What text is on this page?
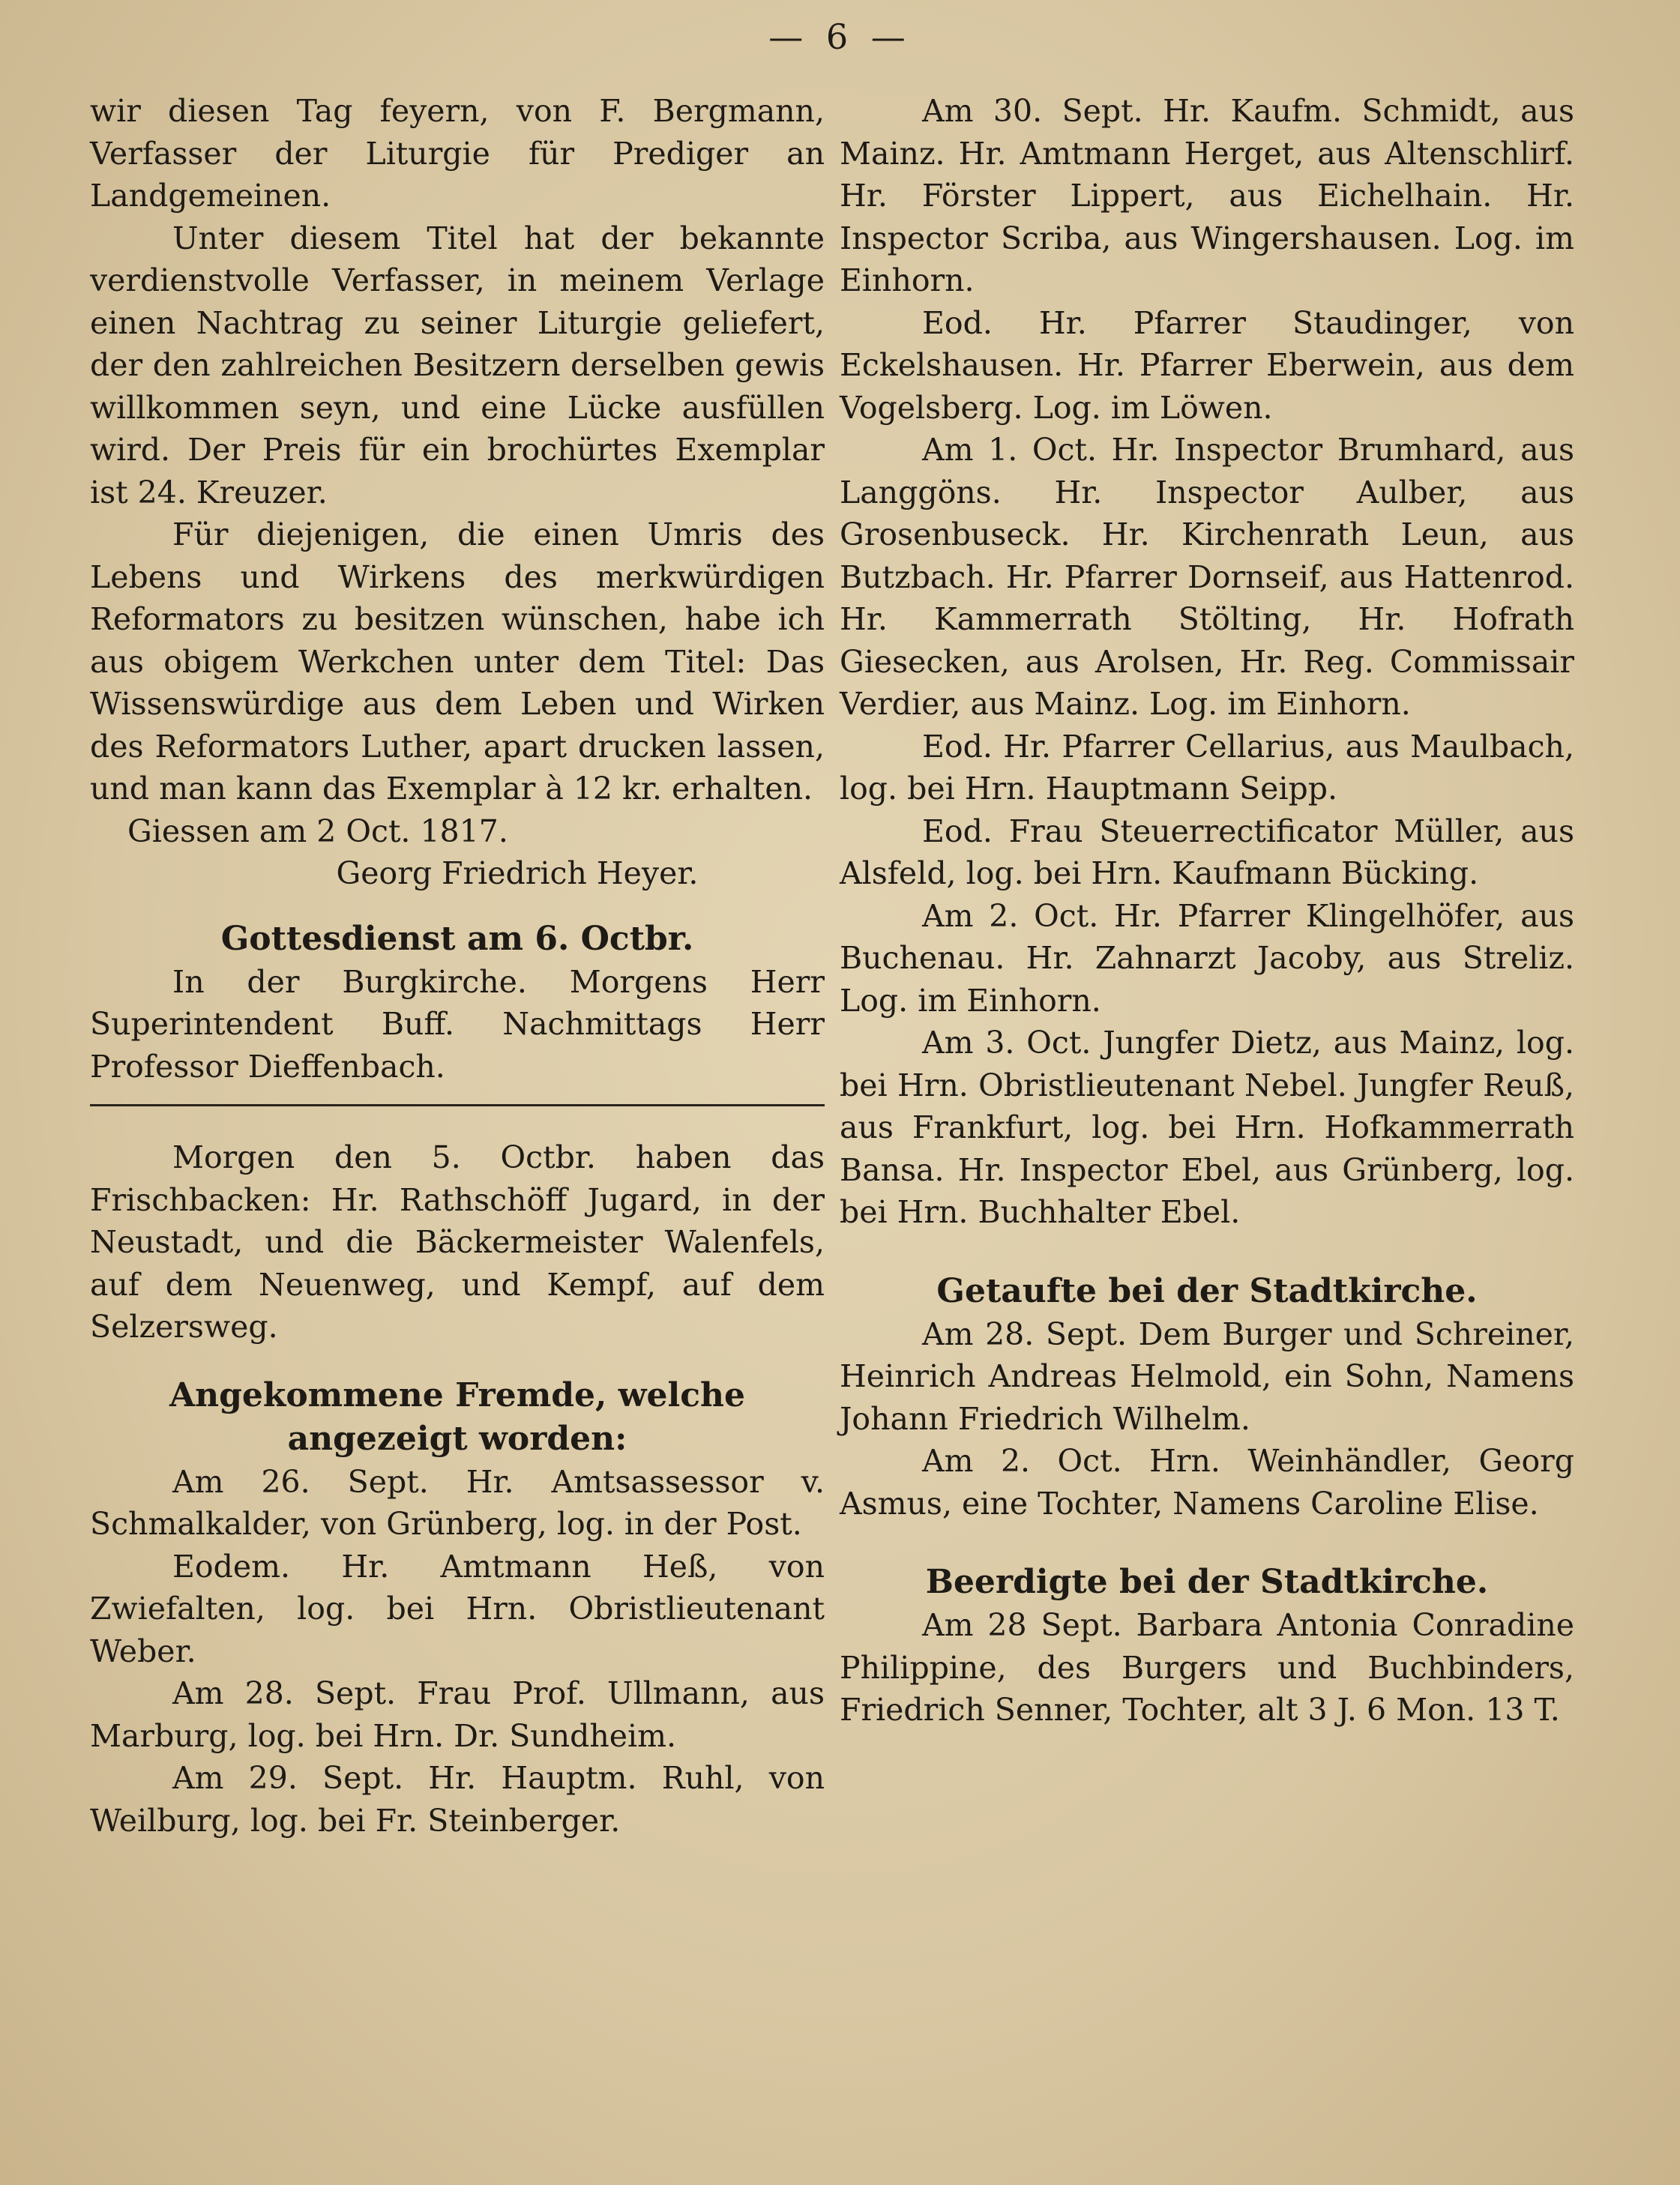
— 6 —

wir diesen Tag feyern, von F. Bergmann, Verfasser der Liturgie für Prediger an Landgemeinen.

Unter diesem Titel hat der bekannte verdienstvolle Verfasser, in meinem Verlage einen Nachtrag zu seiner Liturgie geliefert, der den zahlreichen Besitzern derselben gewis willkommen seyn, und eine Lücke ausfüllen wird. Der Preis für ein brochürtes Exemplar ist 24. Kreuzer.

Für diejenigen, die einen Umris des Lebens und Wirkens des merkwürdigen Reformators zu besitzen wünschen, habe ich aus obigem Werkchen unter dem Titel: Das Wissenswürdige aus dem Leben und Wirken des Reformators Luther, apart drucken lassen, und man kann das Exemplar à 12 kr. erhalten.

Giessen am 2 Oct. 1817.

Georg Friedrich Heyer.

Gottesdienst am 6. Octbr.

In der Burgkirche. Morgens Herr Superintendent Buff. Nachmittags Herr Professor Dieffenbach.

Morgen den 5. Octbr. haben das Frischbacken: Hr. Rathschöff Jugard, in der Neustadt, und die Bäckermeister Walenfels, auf dem Neuenweg, und Kempf, auf dem Selzersweg.

Angekommene Fremde, welche angezeigt worden:

Am 26. Sept. Hr. Amtsassessor v. Schmalkalder, von Grünberg, log. in der Post.

Eodem. Hr. Amtmann Heß, von Zwiefalten, log. bei Hrn. Obristlieutenant Weber.

Am 28. Sept. Frau Prof. Ullmann, aus Marburg, log. bei Hrn. Dr. Sundheim.

Am 29. Sept. Hr. Hauptm. Ruhl, von Weilburg, log. bei Fr. Steinberger.

Am 30. Sept. Hr. Kaufm. Schmidt, aus Mainz. Hr. Amtmann Herget, aus Altenschlirf. Hr. Förster Lippert, aus Eichelhain. Hr. Inspector Scriba, aus Wingershausen. Log. im Einhorn.

Eod. Hr. Pfarrer Staudinger, von Eckelshausen. Hr. Pfarrer Eberwein, aus dem Vogelsberg. Log. im Löwen.

Am 1. Oct. Hr. Inspector Brumhard, aus Langgöns. Hr. Inspector Aulber, aus Grosenbuseck. Hr. Kirchenrath Leun, aus Butzbach. Hr. Pfarrer Dornseif, aus Hattenrod. Hr. Kammerrath Stölting, Hr. Hofrath Giesecken, aus Arolsen, Hr. Reg. Commissair Verdier, aus Mainz. Log. im Einhorn.

Eod. Hr. Pfarrer Cellarius, aus Maulbach, log. bei Hrn. Hauptmann Seipp.

Eod. Frau Steuerrectificator Müller, aus Alsfeld, log. bei Hrn. Kaufmann Bücking.

Am 2. Oct. Hr. Pfarrer Klingelhöfer, aus Buchenau. Hr. Zahnarzt Jacoby, aus Streliz. Log. im Einhorn.

Am 3. Oct. Jungfer Dietz, aus Mainz, log. bei Hrn. Obristlieutenant Nebel. Jungfer Reuß, aus Frankfurt, log. bei Hrn. Hofkammerrath Bansa. Hr. Inspector Ebel, aus Grünberg, log. bei Hrn. Buchhalter Ebel.

Getaufte bei der Stadtkirche.

Am 28. Sept. Dem Burger und Schreiner, Heinrich Andreas Helmold, ein Sohn, Namens Johann Friedrich Wilhelm.

Am 2. Oct. Hrn. Weinhändler, Georg Asmus, eine Tochter, Namens Caroline Elise.

Beerdigte bei der Stadtkirche.

Am 28 Sept. Barbara Antonia Conradine Philippine, des Burgers und Buchbinders, Friedrich Senner, Tochter, alt 3 J. 6 Mon. 13 T.
